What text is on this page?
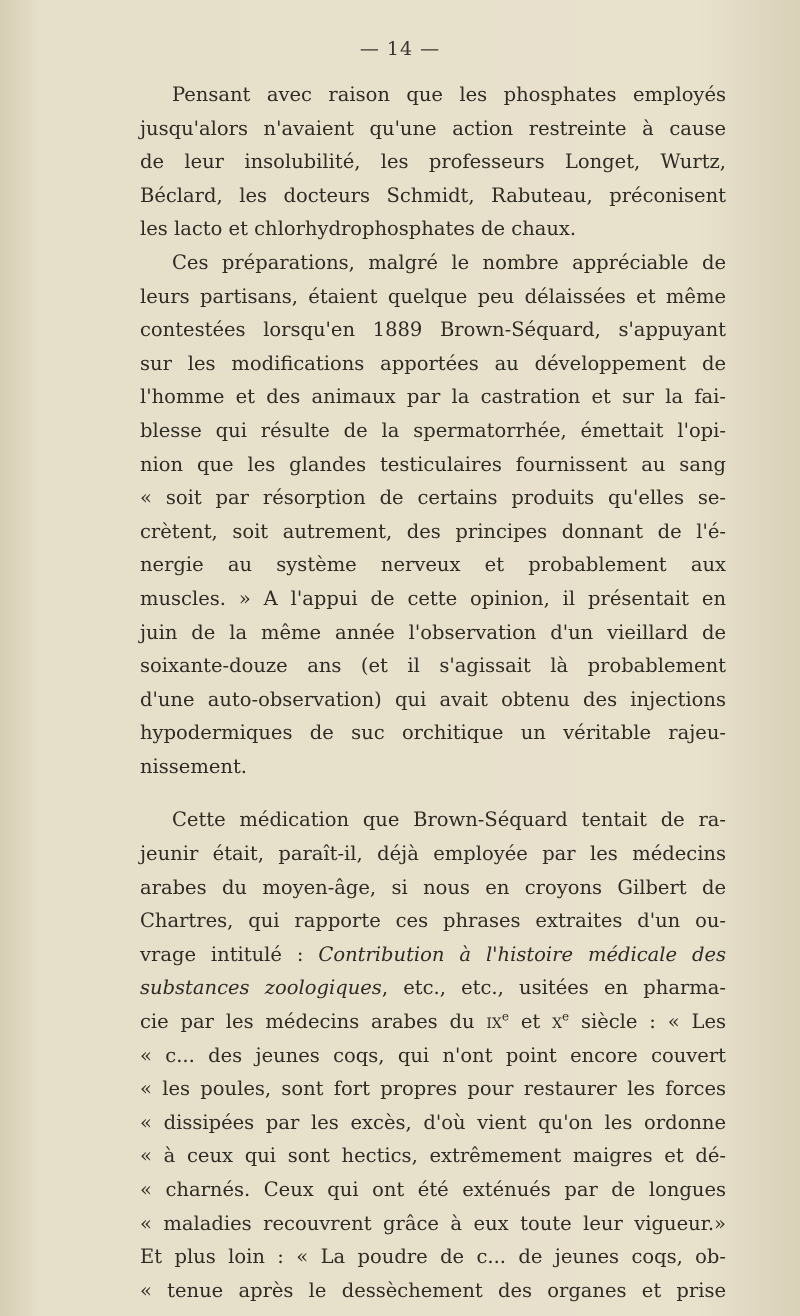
— 14 —
Pensant avec raison que les phosphates employés
jusqu'alors n'avaient qu'une action restreinte à cause
de leur insolubilité, les professeurs Longet, Wurtz,
Béclard, les docteurs Schmidt, Rabuteau, préconisent
les lacto et chlorhydrophosphates de chaux.
Ces préparations, malgré le nombre appréciable de
leurs partisans, étaient quelque peu délaissées et même
contestées lorsqu'en 1889 Brown-Séquard, s'appuyant
sur les modifications apportées au développement de
l'homme et des animaux par la castration et sur la fai-
blesse qui résulte de la spermatorrhée, émettait l'opi-
nion que les glandes testiculaires fournissent au sang
« soit par résorption de certains produits qu'elles se-
crètent, soit autrement, des principes donnant de l'é-
nergie au système nerveux et probablement aux
muscles. » A l'appui de cette opinion, il présentait en
juin de la même année l'observation d'un vieillard de
soixante-douze ans (et il s'agissait là probablement
d'une auto-observation) qui avait obtenu des injections
hypodermiques de suc orchitique un véritable rajeu-
nissement.
Cette médication que Brown-Séquard tentait de ra-
jeunir était, paraît-il, déjà employée par les médecins
arabes du moyen-âge, si nous en croyons Gilbert de
Chartres, qui rapporte ces phrases extraites d'un ou-
vrage intitulé : Contribution à l'histoire médicale des
substances zoologiques, etc., etc., usitées en pharma-
cie par les médecins arabes du $ix^e$ et $x^e$ siècle : « Les
« c... des jeunes coqs, qui n'ont point encore couvert
« les poules, sont fort propres pour restaurer les forces
« dissipées par les excès, d'où vient qu'on les ordonne
« à ceux qui sont hectics, extrêmement maigres et dé-
« charnés. Ceux qui ont été exténués par de longues
« maladies recouvrent grâce à eux toute leur vigueur.»
Et plus loin : « La poudre de c... de jeunes coqs, ob-
« tenue après le dessèchement des organes et prise
